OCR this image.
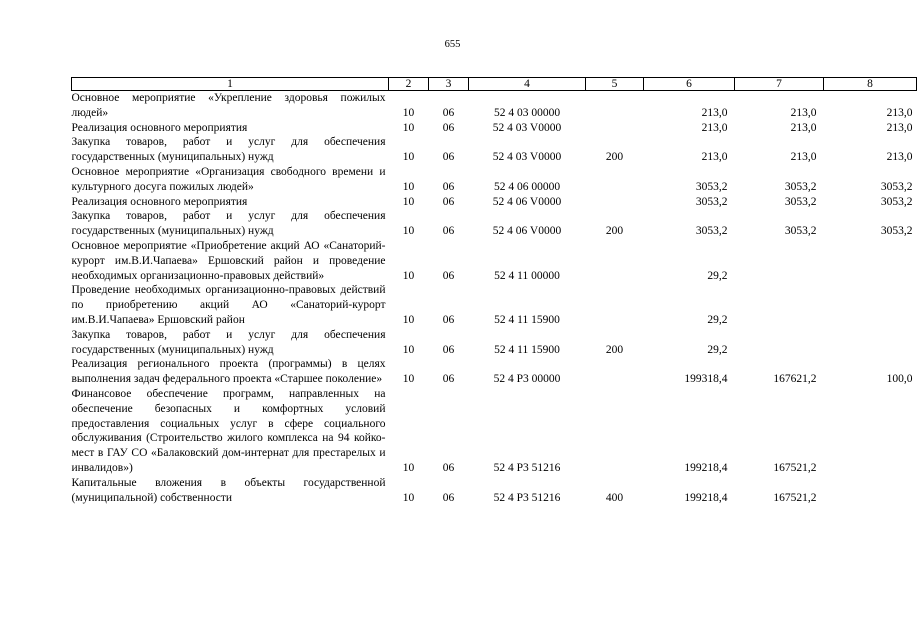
655
1	2	3	4	5	6	7	8
Основное мероприятие «Укрепление здоровья пожилых людей»	10	06	52 4 03 00000		213,0	213,0	213,0
Реализация основного мероприятия	10	06	52 4 03 V0000		213,0	213,0	213,0
Закупка товаров, работ и услуг для обеспечения государственных (муниципальных) нужд	10	06	52 4 03 V0000	200	213,0	213,0	213,0
Основное мероприятие «Организация свободного времени и культурного досуга пожилых людей»	10	06	52 4 06 00000		3053,2	3053,2	3053,2
Реализация основного мероприятия	10	06	52 4 06 V0000		3053,2	3053,2	3053,2
Закупка товаров, работ и услуг для обеспечения государственных (муниципальных) нужд	10	06	52 4 06 V0000	200	3053,2	3053,2	3053,2
Основное мероприятие «Приобретение акций АО «Санаторий-курорт им.В.И.Чапаева» Ершовский район и проведение необходимых организационно-правовых действий»	10	06	52 4 11 00000		29,2		
Проведение необходимых организационно-правовых действий по приобретению акций АО «Санаторий-курорт им.В.И.Чапаева» Ершовский район	10	06	52 4 11 15900		29,2		
Закупка товаров, работ и услуг для обеспечения государственных (муниципальных) нужд	10	06	52 4 11 15900	200	29,2		
Реализация регионального проекта (программы) в целях выполнения задач федерального проекта «Старшее поколение»	10	06	52 4 P3 00000		199318,4	167621,2	100,0
Финансовое обеспечение программ, направленных на обеспечение безопасных и комфортных условий предоставления социальных услуг в сфере социального обслуживания (Строительство жилого комплекса на 94 койко-мест в ГАУ СО «Балаковский дом-интернат для престарелых и инвалидов»)	10	06	52 4 P3 51216		199218,4	167521,2	
Капитальные вложения в объекты государственной (муниципальной) собственности	10	06	52 4 P3 51216	400	199218,4	167521,2	
